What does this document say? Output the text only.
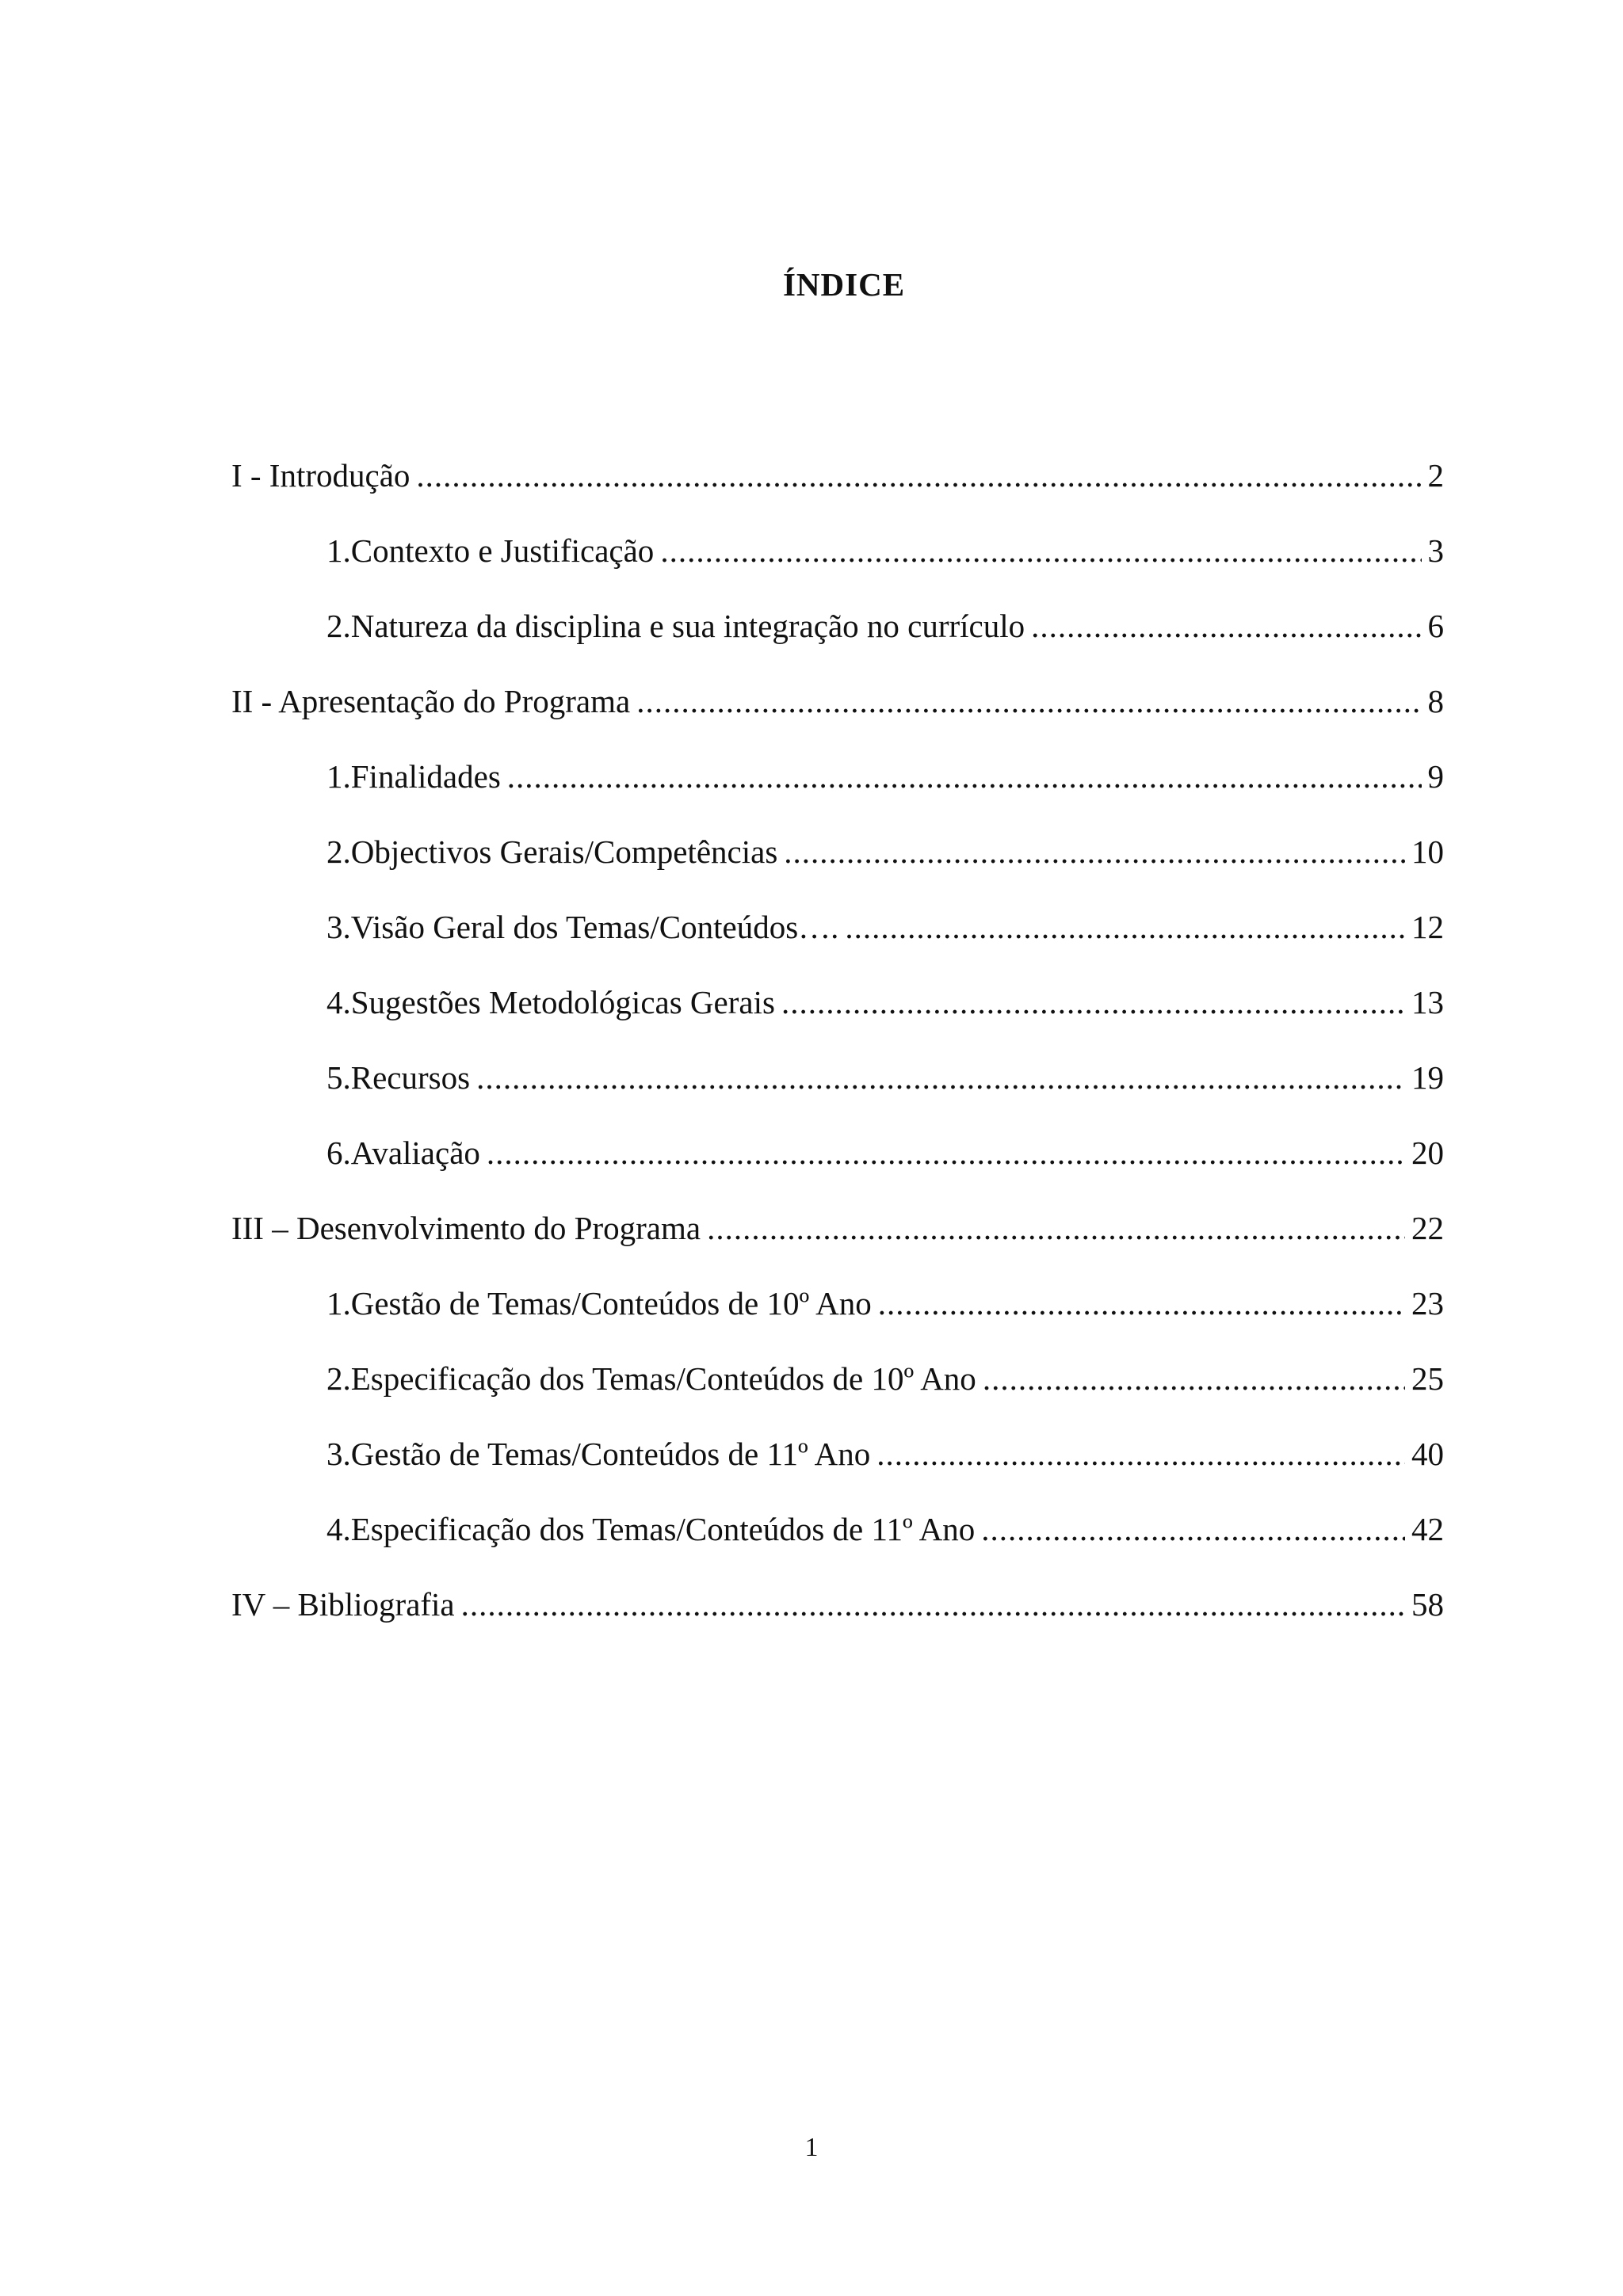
ÍNDICE
I - Introdução .....	2
1. Contexto e Justificação .....	3
2. Natureza da disciplina e sua integração no currículo .....	6
II - Apresentação do Programa .....	8
1. Finalidades .....	9
2. Objectivos Gerais/Competências .....	10
3. Visão Geral dos Temas/Conteúdos…. .....	12
4. Sugestões Metodológicas Gerais .....	13
5. Recursos .....	19
6. Avaliação .....	20
III – Desenvolvimento do Programa .....	22
1. Gestão de Temas/Conteúdos de 10º Ano .....	23
2. Especificação dos Temas/Conteúdos de 10º Ano .....	25
3. Gestão de Temas/Conteúdos de 11º Ano .....	40
4. Especificação dos Temas/Conteúdos de 11º Ano .....	42
IV – Bibliografia .....	58
1
